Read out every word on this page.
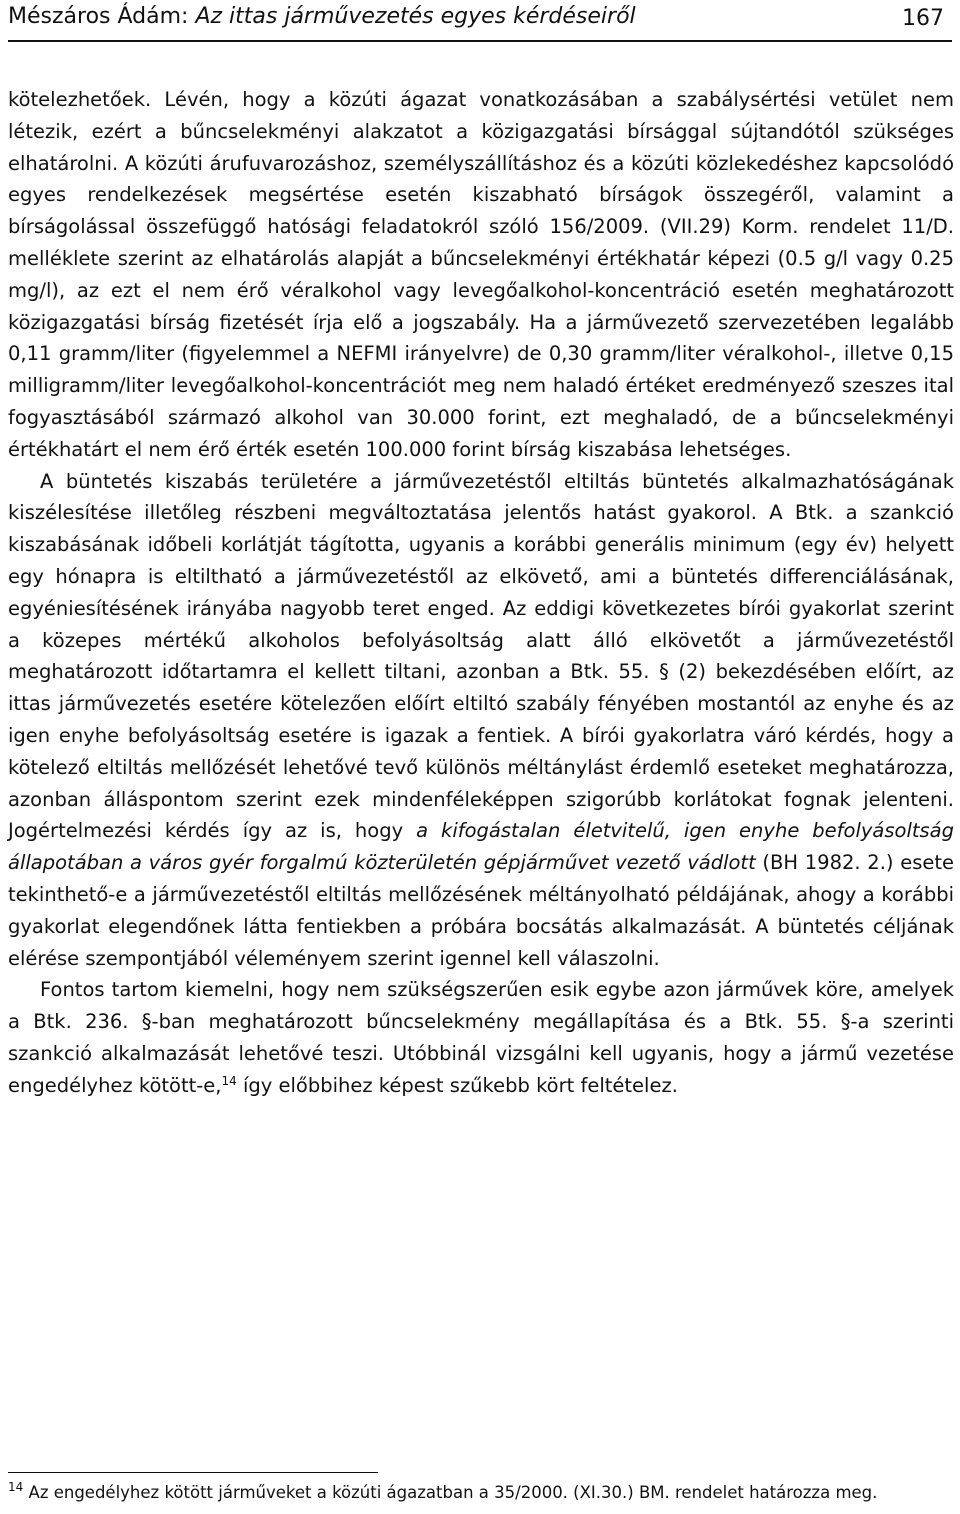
Mészáros Ádám: Az ittas járművezetés egyes kérdéseiről	167

kötelezhetőek. Lévén, hogy a közúti ágazat vonatkozásában a szabálysértési vetület nem létezik, ezért a bűncselekményi alakzatot a közigazgatási bírsággal sújtandótól szükséges elhatárolni. A közúti árufuvarozáshoz, személyszállításhoz és a közúti közlekedéshez kapcsolódó egyes rendelkezések megsértése esetén kiszabható bírságok összegéről, valamint a bírságolással összefüggő hatósági feladatokról szóló 156/2009. (VII.29) Korm. rendelet 11/D. melléklete szerint az elhatárolás alapját a bűncselekményi értékhatár képezi (0.5 g/l vagy 0.25 mg/l), az ezt el nem érő véralkohol vagy levegőalkohol-koncentráció esetén meghatározott közigazgatási bírság fizetését írja elő a jogszabály. Ha a járművezető szervezetében legalább 0,11 gramm/liter (figyelemmel a NEFMI irányelvre) de 0,30 gramm/liter véralkohol-, illetve 0,15 milligramm/liter levegőalkohol-koncentrációt meg nem haladó értéket eredményező szeszes ital fogyasztásából származó alkohol van 30.000 forint, ezt meghaladó, de a bűncselekményi értékhatárt el nem érő érték esetén 100.000 forint bírság kiszabása lehetséges.

A büntetés kiszabás területére a járművezetéstől eltiltás büntetés alkalmazhatóságának kiszélesítése illetőleg részbeni megváltoztatása jelentős hatást gyakorol. A Btk. a szankció kiszabásának időbeli korlátját tágította, ugyanis a korábbi generális minimum (egy év) helyett egy hónapra is eltiltható a járművezetéstől az elkövető, ami a büntetés differenciálásának, egyéniesítésének irányába nagyobb teret enged. Az eddigi következetes bírói gyakorlat szerint a közepes mértékű alkoholos befolyásoltság alatt álló elkövetőt a járművezetéstől meghatározott időtartamra el kellett tiltani, azonban a Btk. 55. § (2) bekezdésében előírt, az ittas járművezetés esetére kötelezően előírt eltiltó szabály fényében mostantól az enyhe és az igen enyhe befolyásoltság esetére is igazak a fentiek. A bírói gyakorlatra váró kérdés, hogy a kötelező eltiltás mellőzését lehetővé tevő különös méltánylást érdemlő eseteket meghatározza, azonban álláspontom szerint ezek mindenféleképpen szigorúbb korlátokat fognak jelenteni. Jogértelmezési kérdés így az is, hogy a kifogástalan életvitelű, igen enyhe befolyásoltság állapotában a város gyér forgalmú közterületén gépjárművet vezető vádlott (BH 1982. 2.) esete tekinthető-e a járművezetéstől eltiltás mellőzésének méltányolható példájának, ahogy a korábbi gyakorlat elegendőnek látta fentiekben a próbára bocsátás alkalmazását. A büntetés céljának elérése szempontjából véleményem szerint igennel kell válaszolni.

Fontos tartom kiemelni, hogy nem szükségszerűen esik egybe azon járművek köre, amelyek a Btk. 236. §-ban meghatározott bűncselekmény megállapítása és a Btk. 55. §-a szerinti szankció alkalmazását lehetővé teszi. Utóbbinál vizsgálni kell ugyanis, hogy a jármű vezetése engedélyhez kötött-e,$^{14}$ így előbbihez képest szűkebb kört feltételez.

$^{14}$ Az engedélyhez kötött járműveket a közúti ágazatban a 35/2000. (XI.30.) BM. rendelet határozza meg.
